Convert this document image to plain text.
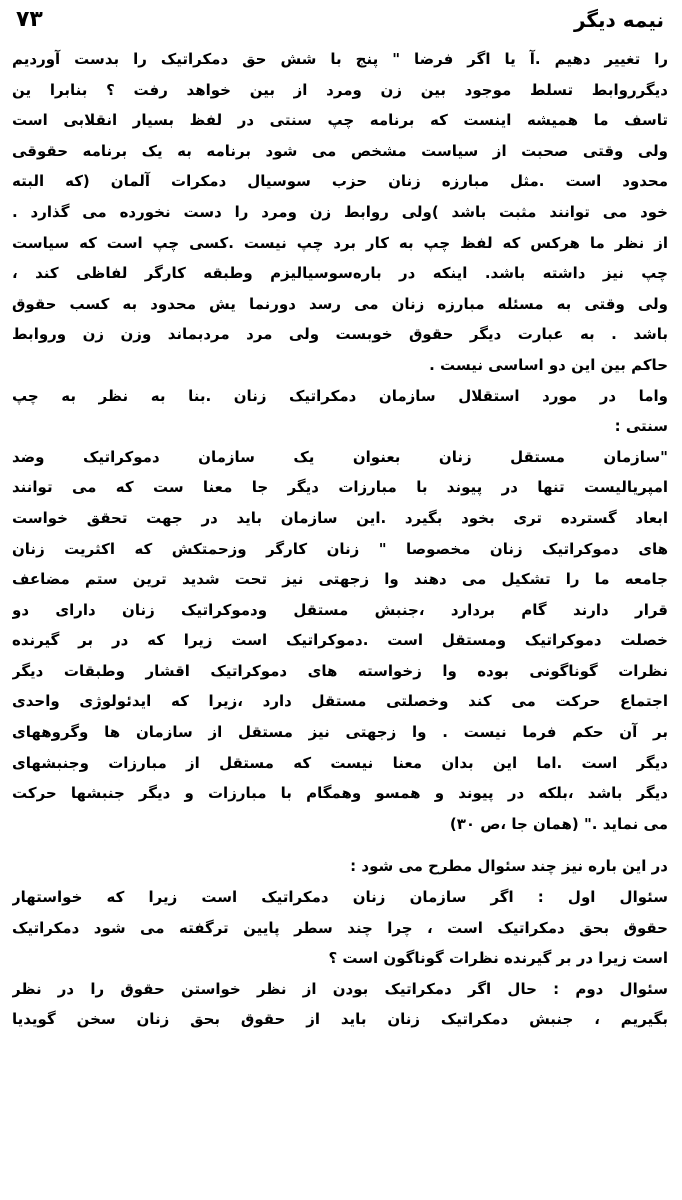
۷۳	نیمه دیگر
را تغییر دهیم .آ یا اگر فرضا " پنج با شش حق دمکراتیک را بدست آوردیم
دیگرروابط تسلط موجود بین زن ومرد از بین خواهد رفت ؟ بنابرا ین
تاسف ما همیشه اینست که برنامه چپ سنتی در لفظ بسیار انقلابی است
ولی وقتی صحبت از سیاست مشخص می شود برنامه به یک برنامه حقوقی
محدود است .مثل مبارزه زنان حزب سوسیال دمکرات آلمان (که البته
خود می توانند مثبت باشد )ولی روابط زن ومرد را دست نخورده می گذارد .
از نظر ما هرکس که لفظ چپ به کار برد چپ نیست .کسی چپ است که سیاست
چپ نیز داشته باشد. اینکه در بارەسوسیالیزم وطبقه کارگر لفاظی کند ،
ولی وقتی به مسئله مبارزه زنان می رسد دورنما یش محدود به کسب حقوق
باشد . به عبارت دیگر حقوق خوبست ولی مرد مردبماند وزن زن وروابط
حاکم بین این دو اساسی نیست .
واما در مورد استقلال سازمان دمکراتیک زنان .بنا به نظر به چپ
سنتی :
"سازمان مستقل زنان بعنوان یک سازمان دموکراتیک وضد
امپریالیست تنها در پیوند با مبارزات دیگر جا معنا ست که می توانند
ابعاد گسترده تری بخود بگیرد .این سازمان باید در جهت تحقق خواست
های دموکراتیک زنان مخصوصا " زنان کارگر وزحمتکش که اکثریت زنان
جامعه ما را تشکیل می دهند وا زجهتی نیز تحت شدید ترین ستم مضاعف
قرار دارند گام بردارد ،جنبش مستقل ودموکراتیک زنان دارای دو
خصلت دموکراتیک ومستقل است .دموکراتیک است زیرا که در بر گیرنده
نظرات گوناگونی بوده وا زخواسته های دموکراتیک اقشار وطبقات دیگر
اجتماع حرکت می کند وخصلتی مستقل دارد ،زیرا که ایدئولوژی واحدی
بر آن حکم فرما نیست . وا زجهتی نیز مستقل از سازمان ها وگروههای
دیگر است .اما این بدان معنا نیست که مستقل از مبارزات وجنبشهای
دیگر باشد ،بلکه در پیوند و همسو وهمگام با مبارزات و دیگر جنبشها حرکت
می نماید ." (همان جا ،ص ۳۰)
در این باره نیز چند سئوال مطرح می شود :
سئوال اول : اگر سازمان زنان دمکراتیک است زیرا که خواستهار
حقوق بحق دمکراتیک است ، چرا چند سطر پایین ترگفته می شود دمکراتیک
است زیرا در بر گیرنده نظرات گوناگون است ؟
سئوال دوم : حال اگر دمکراتیک بودن از نظر خواستن حقوق را در نظر
بگیریم ، جنبش دمکراتیک زنان باید از حقوق بحق زنان سخن گویدیا
